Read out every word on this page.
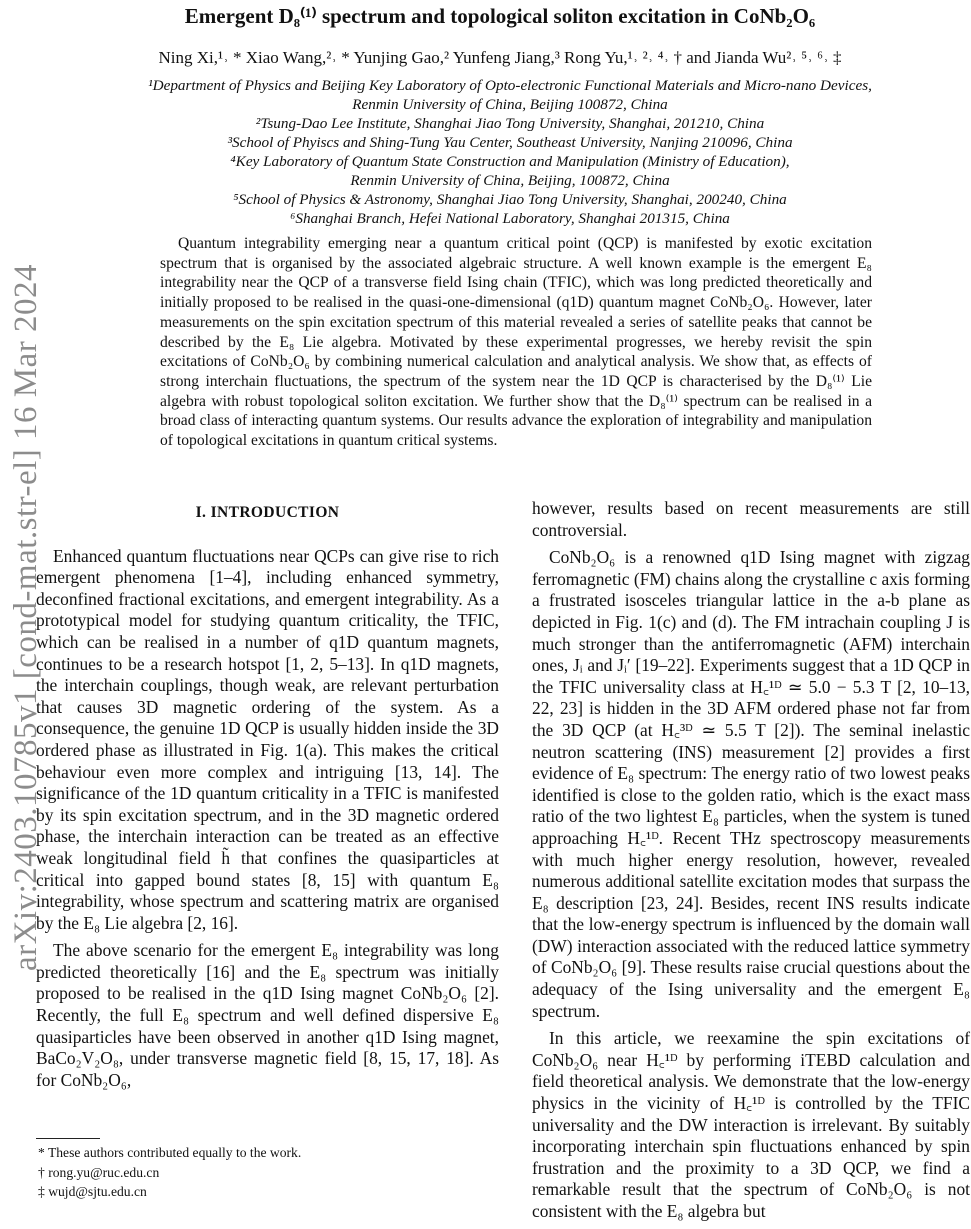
arXiv:2403.10785v1 [cond-mat.str-el] 16 Mar 2024
Emergent D₈⁽¹⁾ spectrum and topological soliton excitation in CoNb₂O₆
Ning Xi,¹˒ * Xiao Wang,²˒ * Yunjing Gao,² Yunfeng Jiang,³ Rong Yu,¹˒ ²˒ ⁴˒ † and Jianda Wu²˒ ⁵˒ ⁶˒ ‡
¹Department of Physics and Beijing Key Laboratory of Opto-electronic Functional Materials and Micro-nano Devices,
Renmin University of China, Beijing 100872, China
²Tsung-Dao Lee Institute, Shanghai Jiao Tong University, Shanghai, 201210, China
³School of Phyiscs and Shing-Tung Yau Center, Southeast University, Nanjing 210096, China
⁴Key Laboratory of Quantum State Construction and Manipulation (Ministry of Education),
Renmin University of China, Beijing, 100872, China
⁵School of Physics & Astronomy, Shanghai Jiao Tong University, Shanghai, 200240, China
⁶Shanghai Branch, Hefei National Laboratory, Shanghai 201315, China
Quantum integrability emerging near a quantum critical point (QCP) is manifested by exotic excitation spectrum that is organised by the associated algebraic structure. A well known example is the emergent E₈ integrability near the QCP of a transverse field Ising chain (TFIC), which was long predicted theoretically and initially proposed to be realised in the quasi-one-dimensional (q1D) quantum magnet CoNb₂O₆. However, later measurements on the spin excitation spectrum of this material revealed a series of satellite peaks that cannot be described by the E₈ Lie algebra. Motivated by these experimental progresses, we hereby revisit the spin excitations of CoNb₂O₆ by combining numerical calculation and analytical analysis. We show that, as effects of strong interchain fluctuations, the spectrum of the system near the 1D QCP is characterised by the D₈⁽¹⁾ Lie algebra with robust topological soliton excitation. We further show that the D₈⁽¹⁾ spectrum can be realised in a broad class of interacting quantum systems. Our results advance the exploration of integrability and manipulation of topological excitations in quantum critical systems.
I. INTRODUCTION

Enhanced quantum fluctuations near QCPs can give rise to rich emergent phenomena [1–4], including enhanced symmetry, deconfined fractional excitations, and emergent integrability. As a prototypical model for studying quantum criticality, the TFIC, which can be realised in a number of q1D quantum magnets, continues to be a research hotspot [1, 2, 5–13]. In q1D magnets, the interchain couplings, though weak, are relevant perturbation that causes 3D magnetic ordering of the system. As a consequence, the genuine 1D QCP is usually hidden inside the 3D ordered phase as illustrated in Fig. 1(a). This makes the critical behaviour even more complex and intriguing [13, 14]. The significance of the 1D quantum criticality in a TFIC is manifested by its spin excitation spectrum, and in the 3D magnetic ordered phase, the interchain interaction can be treated as an effective weak longitudinal field h̃ that confines the quasiparticles at critical into gapped bound states [8, 15] with quantum E₈ integrability, whose spectrum and scattering matrix are organised by the E₈ Lie algebra [2, 16].

The above scenario for the emergent E₈ integrability was long predicted theoretically [16] and the E₈ spectrum was initially proposed to be realised in the q1D Ising magnet CoNb₂O₆ [2]. Recently, the full E₈ spectrum and well defined dispersive E₈ quasiparticles have been observed in another q1D Ising magnet, BaCo₂V₂O₈, under transverse magnetic field [8, 15, 17, 18]. As for CoNb₂O₆,

however, results based on recent measurements are still controversial.

CoNb₂O₆ is a renowned q1D Ising magnet with zigzag ferromagnetic (FM) chains along the crystalline c axis forming a frustrated isosceles triangular lattice in the a-b plane as depicted in Fig. 1(c) and (d). The FM intrachain coupling J is much stronger than the antiferromagnetic (AFM) interchain ones, Jᵢ and Jᵢ′ [19–22]. Experiments suggest that a 1D QCP in the TFIC universality class at H꜀¹ᴰ ≃ 5.0 − 5.3 T [2, 10–13, 22, 23] is hidden in the 3D AFM ordered phase not far from the 3D QCP (at H꜀³ᴰ ≃ 5.5 T [2]). The seminal inelastic neutron scattering (INS) measurement [2] provides a first evidence of E₈ spectrum: The energy ratio of two lowest peaks identified is close to the golden ratio, which is the exact mass ratio of the two lightest E₈ particles, when the system is tuned approaching H꜀¹ᴰ. Recent THz spectroscopy measurements with much higher energy resolution, however, revealed numerous additional satellite excitation modes that surpass the E₈ description [23, 24]. Besides, recent INS results indicate that the low-energy spectrum is influenced by the domain wall (DW) interaction associated with the reduced lattice symmetry of CoNb₂O₆ [9]. These results raise crucial questions about the adequacy of the Ising universality and the emergent E₈ spectrum.

In this article, we reexamine the spin excitations of CoNb₂O₆ near H꜀¹ᴰ by performing iTEBD calculation and field theoretical analysis. We demonstrate that the low-energy physics in the vicinity of H꜀¹ᴰ is controlled by the TFIC universality and the DW interaction is irrelevant. By suitably incorporating interchain spin fluctuations enhanced by spin frustration and the proximity to a 3D QCP, we find a remarkable result that the spectrum of CoNb₂O₆ is not consistent with the E₈ algebra but

* These authors contributed equally to the work.
† rong.yu@ruc.edu.cn
‡ wujd@sjtu.edu.cn
